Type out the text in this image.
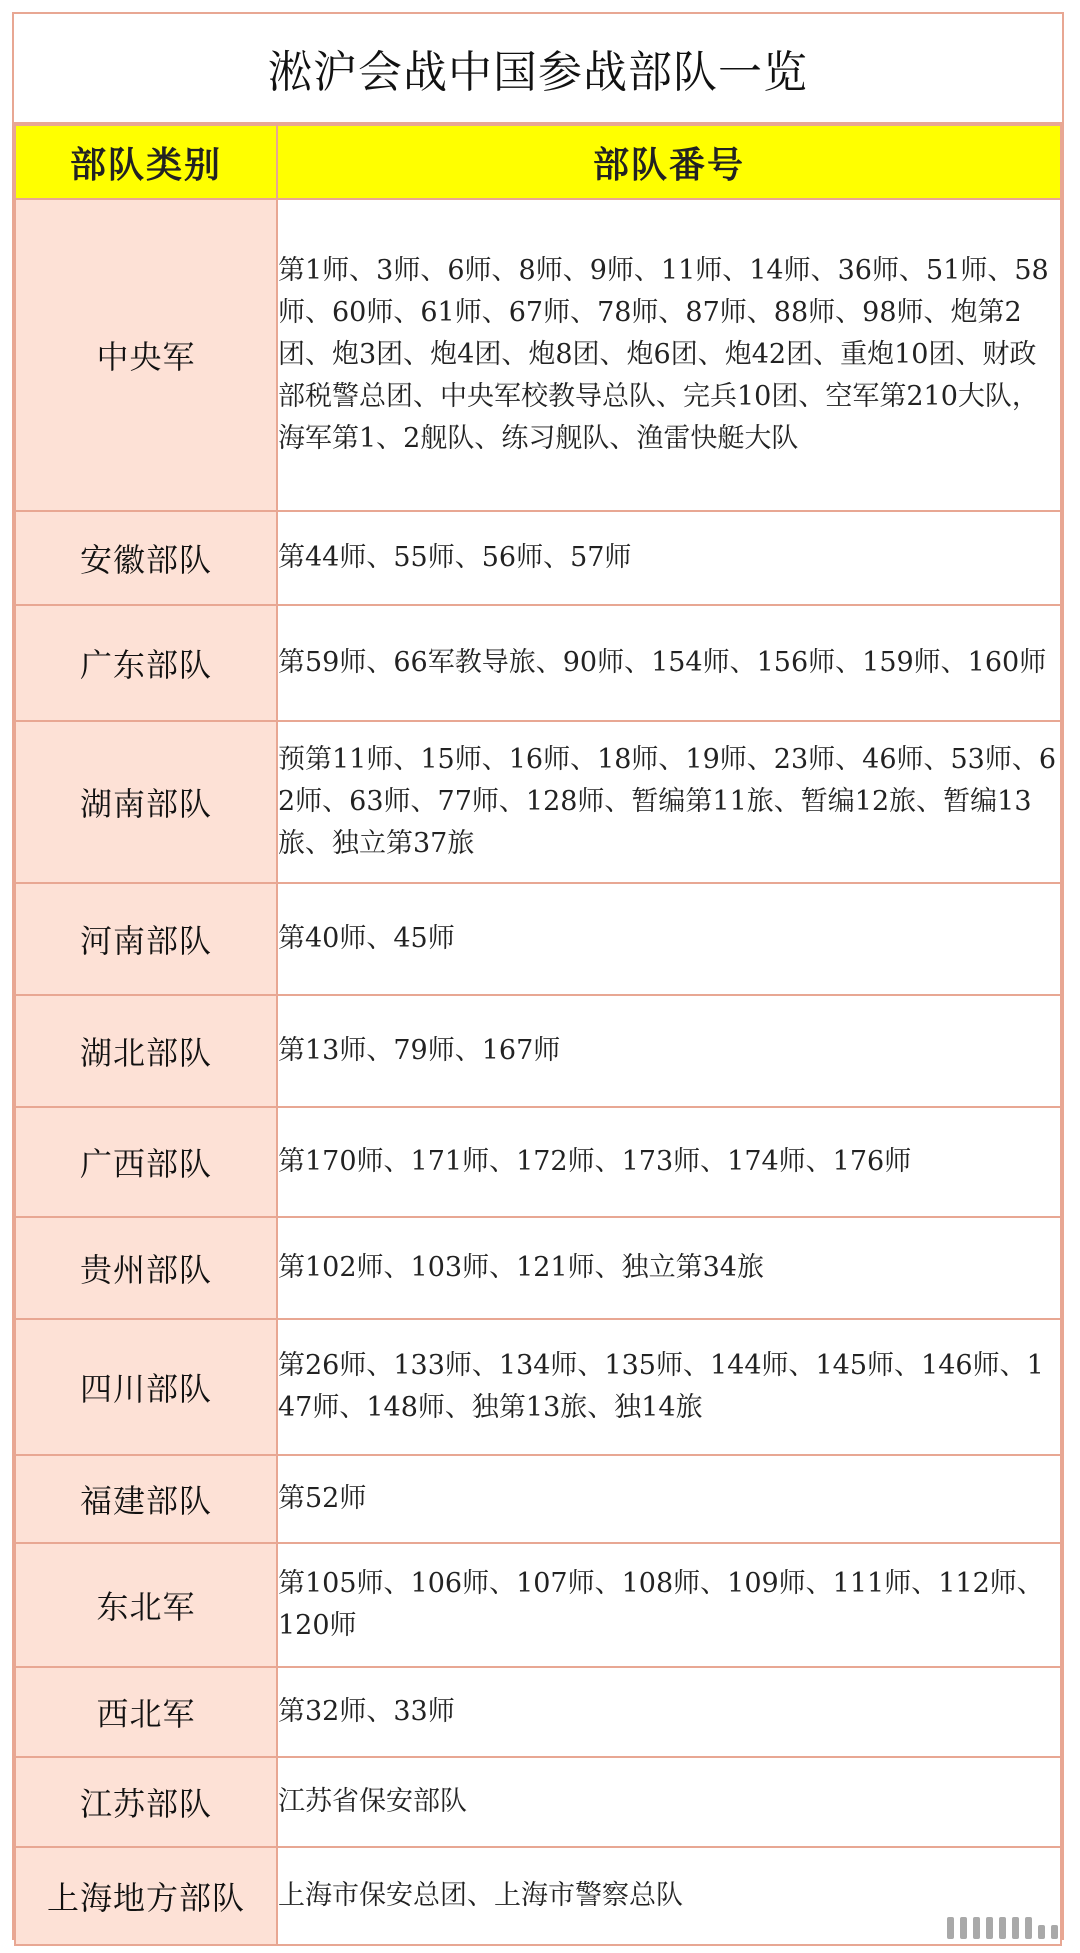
淞沪会战中国参战部队一览
部队类别	部队番号
中央军	第1师、3师、6师、8师、9师、11师、14师、36师、51师、58师、60师、61师、67师、78师、87师、88师、98师、炮第2团、炮3团、炮4团、炮8团、炮6团、炮42团、重炮10团、财政部税警总团、中央军校教导总队、完兵10团、空军第210大队，海军第1、2舰队、练习舰队、渔雷快艇大队
安徽部队	第44师、55师、56师、57师
广东部队	第59师、66军教导旅、90师、154师、156师、159师、160师
湖南部队	预第11师、15师、16师、18师、19师、23师、46师、53师、62师、63师、77师、128师、暂编第11旅、暂编12旅、暂编13旅、独立第37旅
河南部队	第40师、45师
湖北部队	第13师、79师、167师
广西部队	第170师、171师、172师、173师、174师、176师
贵州部队	第102师、103师、121师、独立第34旅
四川部队	第26师、133师、134师、135师、144师、145师、146师、147师、148师、独第13旅、独14旅
福建部队	第52师
东北军	第105师、106师、107师、108师、109师、111师、112师、120师
西北军	第32师、33师
江苏部队	江苏省保安部队
上海地方部队	上海市保安总团、上海市警察总队
